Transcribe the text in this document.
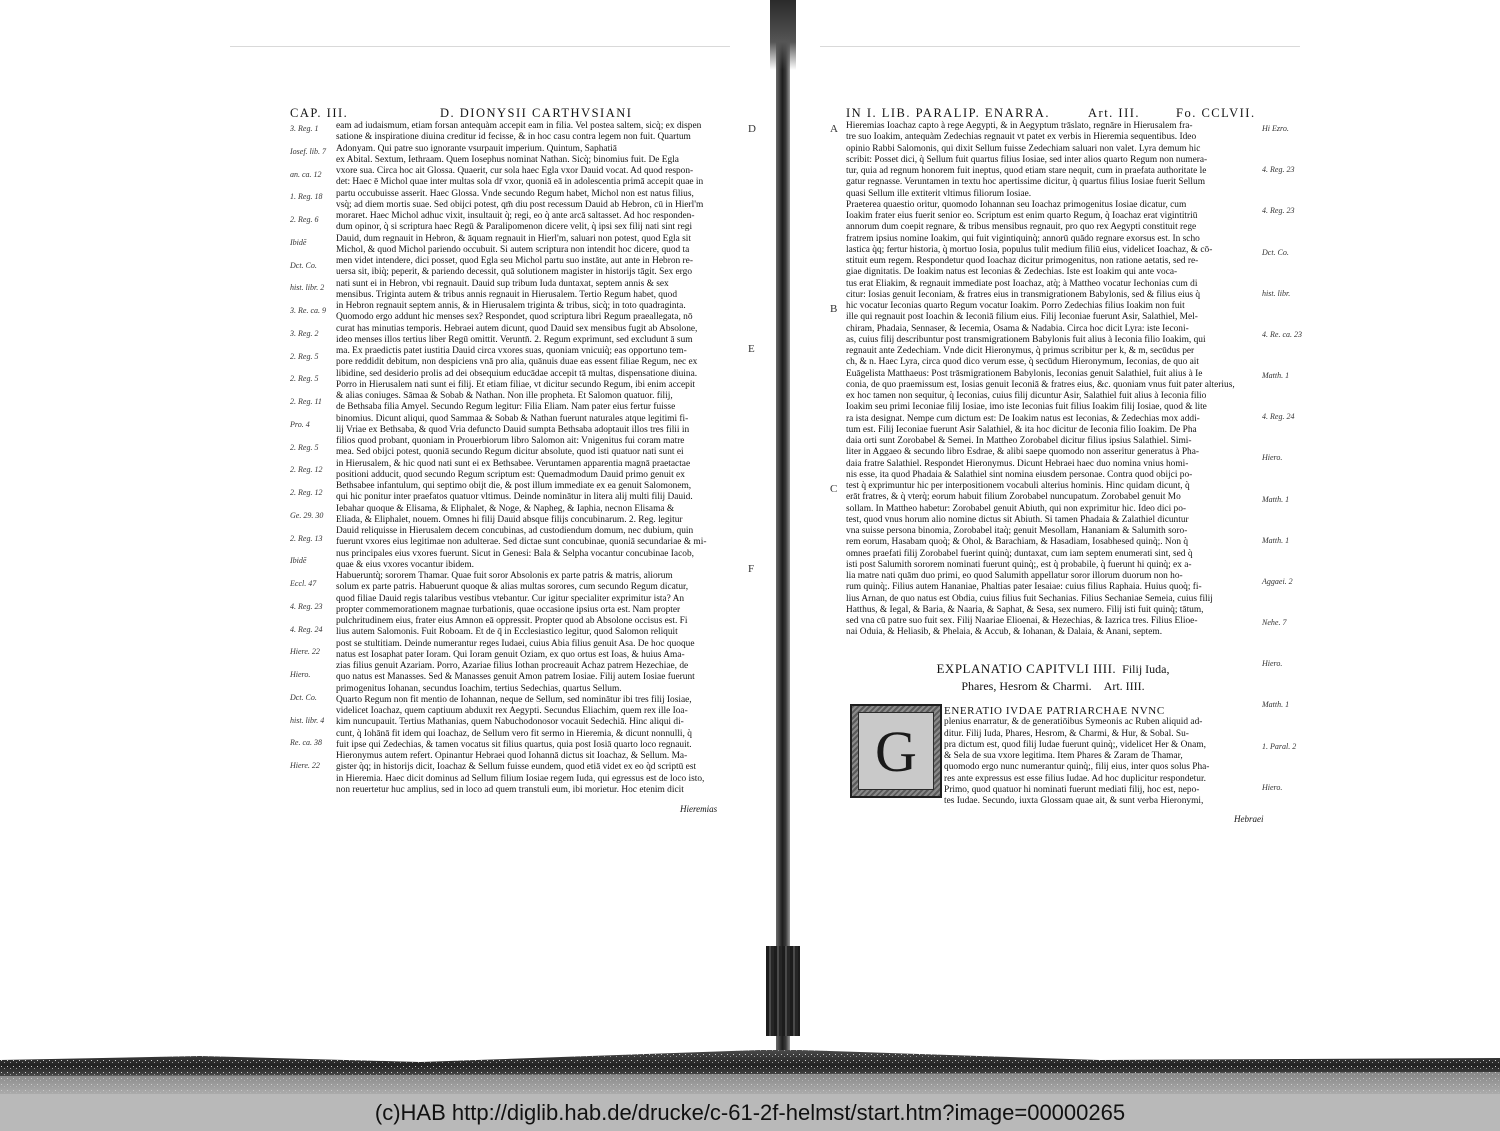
CAP. III.	D. DIONYSII CARTHVSIANI
3. Reg. 1
Iosef. lib. 7
an. ca. 12
1. Reg. 18
2. Reg. 6
Ibidē
Dct. Co.
hist. libr. 2
3. Re. ca. 9
3. Reg. 2
2. Reg. 5
2. Reg. 5
2. Reg. 11
Pro. 4
2. Reg. 5
2. Reg. 12
2. Reg. 12
Ge. 29. 30
2. Reg. 13
Ibidē
Eccl. 47
4. Reg. 23
4. Reg. 24
Hiere. 22
Hiero.
Dct. Co.
hist. libr. 4
Re. ca. 38
Hiere. 22

eam ad iudaismum, etiam forsan antequàm accepit eam in filia. Vel postea saltem, sicq̀; ex dispen

satione & inspiratione diuina creditur id fecisse, & in hoc casu contra legem non fuit. Quartum

Adonyam. Qui patre suo ignorante vsurpauit imperium. Quintum, Saphatiā

ex Abital. Sextum, Iethraam. Quem Iosephus nominat Nathan. Sicq̀; binomius fuit. De Egla

vxore sua. Circa hoc ait Glossa. Quaerit, cur sola haec Egla vxor Dauid vocat. Ad quod respon-

det: Haec ē Michol quae inter multas sola dr̄ vxor, quoniā eā in adolescentia primā accepit quae in

partu occubuisse asserit. Haec Glossa. Vnde secundo Regum habet, Michol non est natus filius,

vsq̀; ad diem mortis suae. Sed obijci potest, qm̄ diu post recessum Dauid ab Hebron, cū in Hierl'm

moraret. Haec Michol adhuc vixit, insultauit q̀; regi, eo q̀ ante arcā saltasset. Ad hoc responden-

dum opinor, q̀ si scriptura haec Regū & Paralipomenon dicere velit, q̀ ipsi sex filij nati sint regi

Dauid, dum regnauit in Hebron, & āquam regnauit in Hierl'm, saluari non potest, quod Egla sit

Michol, & quod Michol pariendo occubuit. Si autem scriptura non intendit hoc dicere, quod ta

men videt intendere, dici posset, quod Egla seu Michol partu suo instāte, aut ante in Hebron re-

uersa sit, ibiq̀; peperit, & pariendo decessit, quā solutionem magister in historijs tāgit. Sex ergo

nati sunt ei in Hebron, vbi regnauit. Dauid sup tribum Iuda duntaxat, septem annis & sex

mensibus. Triginta autem & tribus annis regnauit in Hierusalem. Tertio Regum habet, quod

in Hebron regnauit septem annis, & in Hierusalem triginta & tribus, sicq̀; in toto quadraginta.

Quomodo ergo addunt hic menses sex? Respondet, quod scriptura libri Regum praeallegata, nō

curat has minutias temporis. Hebraei autem dicunt, quod Dauid sex mensibus fugit ab Absolone,

ideo menses illos tertius liber Regū omittit. Veruntn̄. 2. Regum exprimunt, sed excludunt ā sum

ma. Ex praedictis patet iustitia Dauid circa vxores suas, quoniam vnicuiq̀; eas opportuno tem-

pore reddidit debitum, non despiciens vnā pro alia, quānuis duae eas essent filiae Regum, nec ex

libidine, sed desiderio prolis ad dei obsequium educādae accepit tā multas, dispensatione diuina.

Porro in Hierusalem nati sunt ei filij. Et etiam filiae, vt dicitur secundo Regum, ibi enim accepit

& alias coniuges. Sāmaa & Sobab & Nathan. Non ille propheta. Et Salomon quatuor. filij,

de Bethsaba filia Amyel. Secundo Regum legitur: Filia Eliam. Nam pater eius fertur fuisse

binomius. Dicunt aliqui, quod Sammaa & Sobab & Nathan fuerunt naturales atque legitimi fi-

lij Vriae ex Bethsaba, & quod Vria defuncto Dauid sumpta Bethsaba adoptauit illos tres filii in

filios quod probant, quoniam in Prouerbiorum libro Salomon ait: Vnigenitus fui coram matre

mea. Sed obijci potest, quoniā secundo Regum dicitur absolute, quod isti quatuor nati sunt ei

in Hierusalem, & hic quod nati sunt ei ex Bethsabee. Veruntamen apparentia magnā praetactae

positioni adducit, quod secundo Regum scriptum est: Quemadmodum Dauid primo genuit ex

Bethsabee infantulum, qui septimo obijt die, & post illum immediate ex ea genuit Salomonem,

qui hic ponitur inter praefatos quatuor vltimus. Deinde nominātur in litera alij multi filij Dauid.

Iebahar quoque & Elisama, & Eliphalet, & Noge, & Napheg, & Iaphia, necnon Elisama &

Eliada, & Eliphalet, nouem. Omnes hi filij Dauid absque filijs concubinarum. 2. Reg. legitur

Dauid reliquisse in Hierusalem decem concubinas, ad custodiendum domum, nec dubium, quin

fuerunt vxores eius legitimae non adulterae. Sed dictae sunt concubinae, quoniā secundariae & mi-

nus principales eius vxores fuerunt. Sicut in Genesi: Bala & Selpha vocantur concubinae Iacob,

quae & eius vxores vocantur ibidem.

Habueruntq̀; sororem Thamar. Quae fuit soror Absolonis ex parte patris & matris, aliorum

solum ex parte patris. Habuerunt quoque & alias multas sorores, cum secundo Regum dicatur,

quod filiae Dauid regis talaribus vestibus vtebantur. Cur igitur specialiter exprimitur ista? An

propter commemorationem magnae turbationis, quae occasione ipsius orta est. Nam propter

pulchritudinem eius, frater eius Amnon eā oppressit. Propter quod ab Absolone occisus est. Fi

lius autem Salomonis. Fuit Roboam. Et de q̄ in Ecclesiastico legitur, quod Salomon reliquit

post se stultitiam. Deinde numerantur reges Iudaei, cuius Abia filius genuit Asa. De hoc quoque

natus est Iosaphat pater Ioram. Qui Ioram genuit Oziam, ex quo ortus est Ioas, & huius Ama-

zias filius genuit Azariam. Porro, Azariae filius Iothan procreauit Achaz patrem Hezechiae, de

quo natus est Manasses. Sed & Manasses genuit Amon patrem Iosiae. Filij autem Iosiae fuerunt

primogenitus Iohanan, secundus Ioachim, tertius Sedechias, quartus Sellum.

Quarto Regum non fit mentio de Iohannan, neque de Sellum, sed nominātur ibi tres filij Iosiae,

videlicet Ioachaz, quem captiuum abduxit rex Aegypti. Secundus Eliachim, quem rex ille Ioa-

kim nuncupauit. Tertius Mathanias, quem Nabuchodonosor vocauit Sedechiā. Hinc aliqui di-

cunt, q̀ Iohānā fit idem qui Ioachaz, de Sellum vero fit sermo in Hieremia, & dicunt nonnulli, q̀

fuit ipse qui Zedechias, & tamen vocatus sit filius quartus, quia post Iosiā quarto loco regnauit.

Hieronymus autem refert. Opinantur Hebraei quod Iohannā dictus sit Ioachaz, & Sellum. Ma-

gister q̀q; in historijs dicit, Ioachaz & Sellum fuisse eundem, quod etiā videt ex eo q̀d scriptū est

in Hieremia. Haec dicit dominus ad Sellum filium Iosiae regem Iuda, qui egressus est de loco isto,

non reuertetur huc amplius, sed in loco ad quem transtuli eum, ibi morietur. Hoc etenim dicit

D
E
F
Hieremias
IN I. LIB. PARALIP. ENARRA.	Art. III.	Fo. CCLVII.
A
B
C

Hieremias Ioachaz capto à rege Aegypti, & in Aegyptum trāslato, regnāre in Hierusalem fra-

tre suo Ioakim, antequàm Zedechias regnauit vt patet ex verbis in Hieremia sequentibus. Ideo

opinio Rabbi Salomonis, qui dixit Sellum fuisse Zedechiam saluari non valet. Lyra demum hic

scribit: Posset dici, q̀ Sellum fuit quartus filius Iosiae, sed inter alios quarto Regum non numera-

tur, quia ad regnum honorem fuit ineptus, quod etiam stare nequit, cum in praefata authoritate le

gatur regnasse. Veruntamen in textu hoc apertissime dicitur, q̀ quartus filius Iosiae fuerit Sellum

quasi Sellum ille extiterit vltimus filiorum Iosiae.

Praeterea quaestio oritur, quomodo Iohannan seu Ioachaz primogenitus Iosiae dicatur, cum

Ioakim frater eius fuerit senior eo. Scriptum est enim quarto Regum, q̀ Ioachaz erat vigintitriū

annorum dum coepit regnare, & tribus mensibus regnauit, pro quo rex Aegypti constituit rege

fratrem ipsius nomine Ioakim, qui fuit vigintiquinq̀; annorū quādo regnare exorsus est. In scho

lastica q̀q; fertur historia, q̀ mortuo Iosia, populus tulit medium filiū eius, videlicet Ioachaz, & cō-

stituit eum regem. Respondetur quod Ioachaz dicitur primogenitus, non ratione aetatis, sed re-

giae dignitatis. De Ioakim natus est Ieconias & Zedechias. Iste est Ioakim qui ante voca-

tus erat Eliakim, & regnauit immediate post Ioachaz, atq̀; à Mattheo vocatur Iechonias cum di

citur: Iosias genuit Ieconiam, & fratres eius in transmigrationem Babylonis, sed & filius eius q̀

hic vocatur Ieconias quarto Regum vocatur Ioakim. Porro Zedechias filius Ioakim non fuit

ille qui regnauit post Ioachin & Ieconiā filium eius. Filij Ieconiae fuerunt Asir, Salathiel, Mel-

chiram, Phadaia, Sennaser, & Iecemia, Osama & Nadabia. Circa hoc dicit Lyra: iste Ieconi-

as, cuius filij describuntur post transmigrationem Babylonis fuit alius à Ieconia filio Ioakim, qui

regnauit ante Zedechiam. Vnde dicit Hieronymus, q̀ primus scribitur per k, & m, secūdus per

ch, & n. Haec Lyra, circa quod dico verum esse, q̀ secūdum Hieronymum, Ieconias, de quo ait

Euāgelista Matthaeus: Post trāsmigrationem Babylonis, Ieconias genuit Salathiel, fuit alius à Ie

conia, de quo praemissum est, Iosias genuit Ieconiā & fratres eius, &c. quoniam vnus fuit pater alterius,

ex hoc tamen non sequitur, q̀ Ieconias, cuius filij dicuntur Asir, Salathiel fuit alius à Ieconia filio

Ioakim seu primi Ieconiae filij Iosiae, imo iste Ieconias fuit filius Ioakim filij Iosiae, quod & lite

ra ista designat. Nempe cum dictum est: De Ioakim natus est Ieconias, & Zedechias mox addi-

tum est. Filij Ieconiae fuerunt Asir Salathiel, & ita hoc dicitur de Ieconia filio Ioakim. De Pha

daia orti sunt Zorobabel & Semei. In Mattheo Zorobabel dicitur filius ipsius Salathiel. Simi-

liter in Aggaeo & secundo libro Esdrae, & alibi saepe quomodo non asseritur generatus à Pha-

daia fratre Salathiel. Respondet Hieronymus. Dicunt Hebraei haec duo nomina vnius homi-

nis esse, ita quod Phadaia & Salathiel sint nomina eiusdem personae. Contra quod obijci po-

test q̀ exprimuntur hic per interpositionem vocabuli alterius hominis. Hinc quidam dicunt, q̀

erāt fratres, & q̀ vterq̀; eorum habuit filium Zorobabel nuncupatum. Zorobabel genuit Mo

sollam. In Mattheo habetur: Zorobabel genuit Abiuth, qui non exprimitur hic. Ideo dici po-

test, quod vnus horum alio nomine dictus sit Abiuth. Si tamen Phadaia & Zalathiel dicuntur

vna suisse persona binomia, Zorobabel itaq̀; genuit Mesollam, Hananiam & Salumith soro-

rem eorum, Hasabam quoq̀; & Ohol, & Barachiam, & Hasadiam, Iosabhesed quinq̀;. Non q̀

omnes praefati filij Zorobabel fuerint quinq̀; duntaxat, cum iam septem enumerati sint, sed q̀

isti post Salumith sororem nominati fuerunt quinq̀;, est q̀ probabile, q̀ fuerunt hi quinq̀; ex a-

lia matre nati quām duo primi, eo quod Salumith appellatur soror illorum duorum non ho-

rum quinq̀;. Filius autem Hananiae, Phaltias pater Iesaiae: cuius filius Raphaia. Huius quoq̀; fi-

lius Arnan, de quo natus est Obdia, cuius filius fuit Sechanias. Filius Sechaniae Semeia, cuius filij

Hatthus, & Iegal, & Baria, & Naaria, & Saphat, & Sesa, sex numero. Filij isti fuit quinq̀; tātum,

sed vna cū patre suo fuit sex. Filij Naariae Elioenai, & Hezechias, & Iazrica tres. Filius Elioe-

nai Oduia, & Heliasib, & Phelaia, & Accub, & Iohanan, & Dalaia, & Anani, septem.

Hi Ezro.
4. Reg. 23
4. Reg. 23
Dct. Co.
hist. libr.
4. Re. ca. 23
Matth. 1
4. Reg. 24
Hiero.
Matth. 1
Matth. 1
Aggaei. 2
Nehe. 7
Hiero.
Matth. 1
1. Paral. 2
Hiero.
EXPLANATIO CAPITVLI IIII. Filij Iuda,
Phares, Hesrom & Charmi. Art. IIII.
G

ENERATIO IVDAE PATRIARCHAE NVNC

plenius enarratur, & de generatiōibus Symeonis ac Ruben aliquid ad-

ditur. Filij Iuda, Phares, Hesrom, & Charmi, & Hur, & Sobal. Su-

pra dictum est, quod filij Iudae fuerunt quinq̀;, videlicet Her & Onam,

& Sela de sua vxore legitima. Item Phares & Zaram de Thamar,

quomodo ergo nunc numerantur quinq̀;, filij eius, inter quos solus Pha-

res ante expressus est esse filius Iudae. Ad hoc duplicitur respondetur.

Primo, quod quatuor hi nominati fuerunt mediati filij, hoc est, nepo-

tes Iudae. Secundo, iuxta Glossam quae ait, & sunt verba Hieronymi,

Hebraei
(c)HAB http://diglib.hab.de/drucke/c-61-2f-helmst/start.htm?image=00000265
